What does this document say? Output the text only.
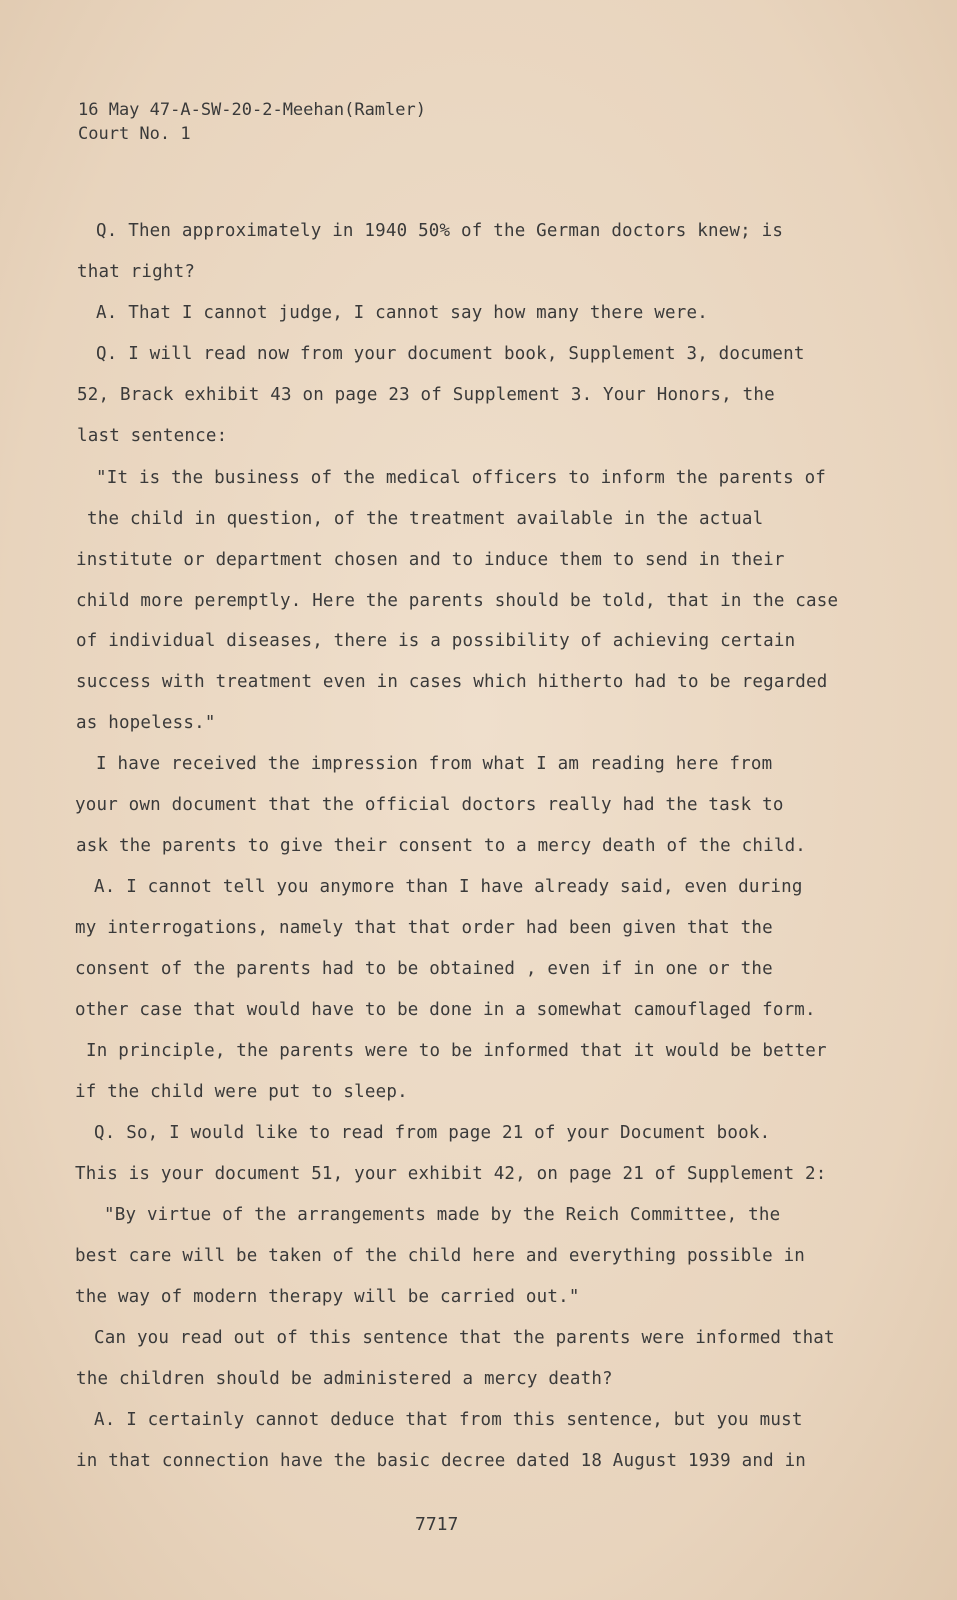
16 May 47-A-SW-20-2-Meehan(Ramler)
Court No. 1
Q. Then approximately in 1940 50% of the German doctors knew; is
that right?
A. That I cannot judge, I cannot say how many there were.
Q. I will read now from your document book, Supplement 3, document
52, Brack exhibit 43 on page 23 of Supplement 3. Your Honors, the
last sentence:
"It is the business of the medical officers to inform the parents of
the child in question, of the treatment available in the actual
institute or department chosen and to induce them to send in their
child more peremptly. Here the parents should be told, that in the case
of individual diseases, there is a possibility of achieving certain
success with treatment even in cases which hitherto had to be regarded
as hopeless."
I have received the impression from what I am reading here from
your own document that the official doctors really had the task to
ask the parents to give their consent to a mercy death of the child.
A. I cannot tell you anymore than I have already said, even during
my interrogations, namely that that order had been given that the
consent of the parents had to be obtained , even if in one or the
other case that would have to be done in a somewhat camouflaged form.
In principle, the parents were to be informed that it would be better
if the child were put to sleep.
Q. So, I would like to read from page 21 of your Document book.
This is your document 51, your exhibit 42, on page 21 of Supplement 2:
"By virtue of the arrangements made by the Reich Committee, the
best care will be taken of the child here and everything possible in
the way of modern therapy will be carried out."
Can you read out of this sentence that the parents were informed that
the children should be administered a mercy death?
A. I certainly cannot deduce that from this sentence, but you must
in that connection have the basic decree dated 18 August 1939 and in
7717
